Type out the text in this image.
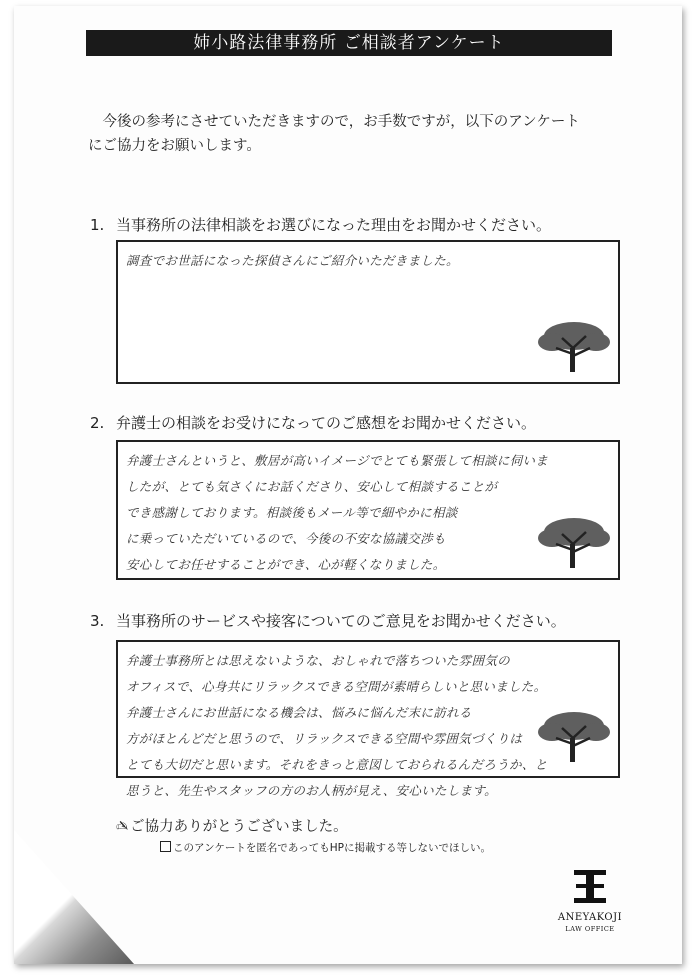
姉小路法律事務所 ご相談者アンケート

今後の参考にさせていただきますので，お手数ですが，以下のアンケート

にご協力をお願いします。
1. 当事務所の法律相談をお選びになった理由をお聞かせください。
調査でお世話になった探偵さんにご紹介いただきました。
2. 弁護士の相談をお受けになってのご感想をお聞かせください。
弁護士さんというと、敷居が高いイメージでとても緊張して相談に伺いま
したが、とても気さくにお話くださり、安心して相談することが
でき感謝しております。相談後もメール等で細やかに相談
に乗っていただいているので、今後の不安な協議交渉も
安心してお任せすることができ、心が軽くなりました。
3. 当事務所のサービスや接客についてのご意見をお聞かせください。
弁護士事務所とは思えないような、おしゃれで落ちついた雰囲気の
オフィスで、心身共にリラックスできる空間が素晴らしいと思いました。
弁護士さんにお世話になる機会は、悩みに悩んだ末に訪れる
方がほとんどだと思うので、リラックスできる空間や雰囲気づくりは
とても大切だと思います。それをきっと意図しておられるんだろうか、と
思うと、先生やスタッフの方のお人柄が見え、安心いたします。
✍ ご協力ありがとうございました。
このアンケートを匿名であってもHPに掲載する等しないでほしい。
ANEYAKOJI
LAW OFFICE
